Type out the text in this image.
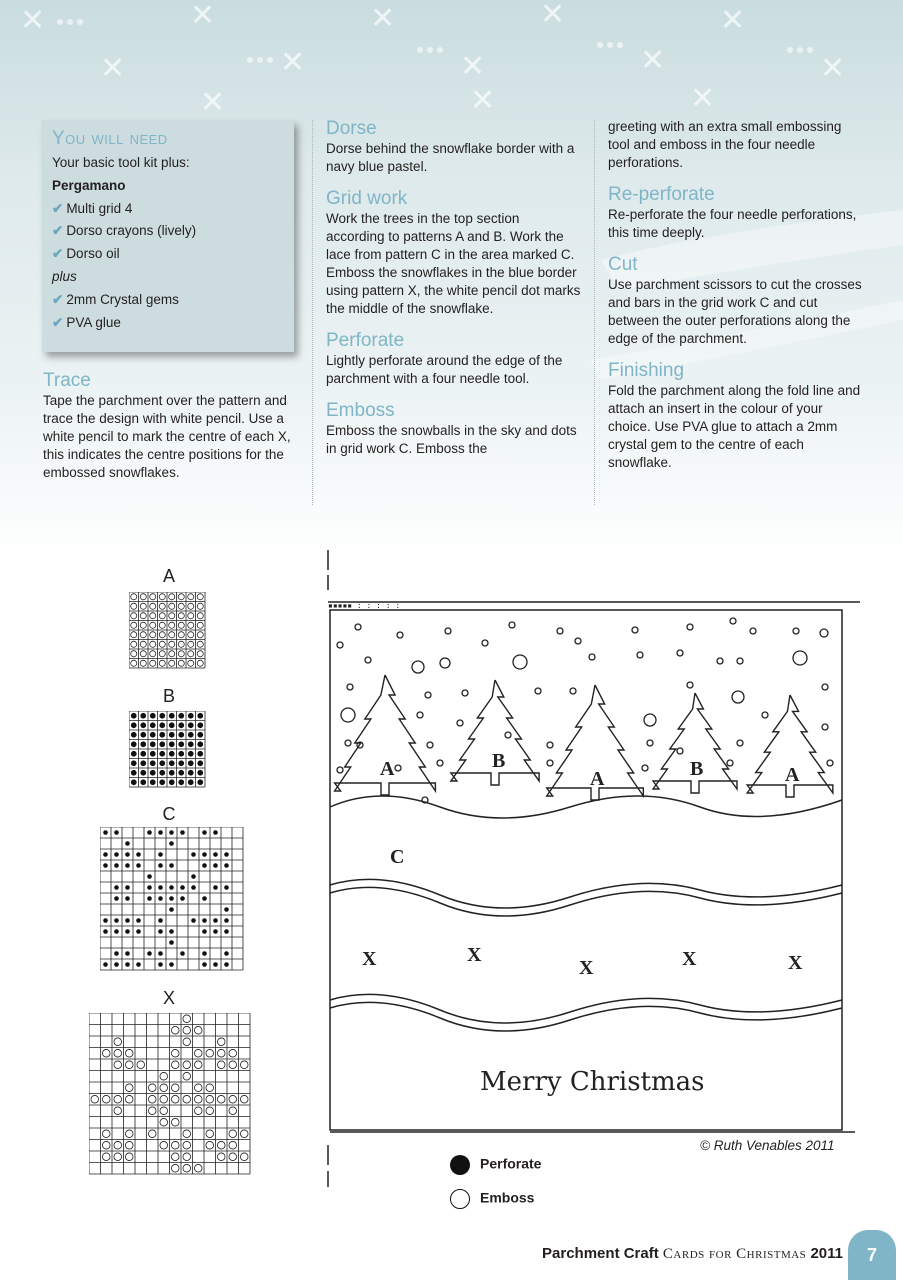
✕	✕	✕	✕	✕
✕	✕	✕	✕	✕
✕	✕	✕
You will need
Your basic tool kit plus:
Pergamano
✔ Multi grid 4
✔ Dorso crayons (lively)
✔ Dorso oil
plus
✔ 2mm Crystal gems
✔ PVA glue
Trace

Tape the parchment over the pattern and trace the design with white pencil. Use a white pencil to mark the centre of each X, this indicates the centre positions for the embossed snowflakes.

Dorse

Dorse behind the snowflake border with a navy blue pastel.

Grid work

Work the trees in the top section according to patterns A and B. Work the lace from pattern C in the area marked C. Emboss the snowflakes in the blue border using pattern X, the white pencil dot marks the middle of the snowflake.

Perforate

Lightly perforate around the edge of the parchment with a four needle tool.

Emboss

Emboss the snowballs in the sky and dots in grid work C. Emboss the

greeting with an extra small embossing tool and emboss in the four needle perforations.

Re-perforate

Re-perforate the four needle perforations, this time deeply.

Cut

Use parchment scissors to cut the crosses and bars in the grid work C and cut between the outer perforations along the edge of the parchment.

Finishing

Fold the parchment along the fold line and attach an insert in the colour of your choice. Use PVA glue to attach a 2mm crystal gem to the centre of each snowflake.

A
B
C
X
▪▪▪▪▪ : : : : :
A	B
A	B	A
C
X	X
X	X	X
Merry Christmas
© Ruth Venables 2011
Perforate
Emboss
Parchment Craft Cards for Christmas 2011	7
